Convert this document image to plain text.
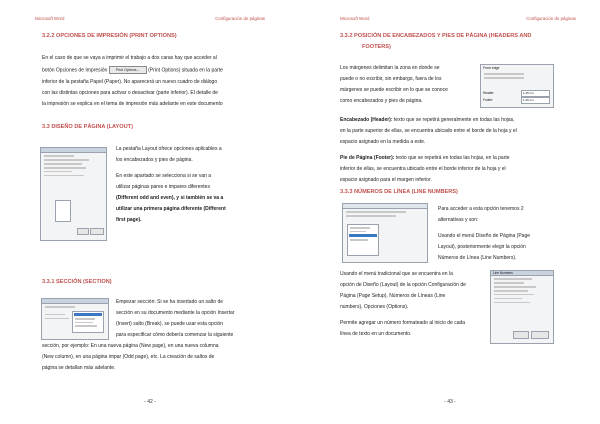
Microsoft Word	Configuración de páginas
3.2.2 OPCIONES DE IMPRESIÓN (PRINT OPTIONS)
En el caso de que se vaya a imprimir el trabajo a dos caras hay que acceder al
botón Opciones de Impresión Print Options... (Print Options) situada en la parte
inferior de la pestaña Papel (Paper). No aparecerá un nuevo cuadro de diálogo
con las distintas opciones para activar o desactivar (parte inferior). El detalle de
la impresión se explica en el tema de impresión más adelante en este documento
3.3 DISEÑO DE PÁGINA (LAYOUT)
La pestaña Layout ofrece opciones aplicables a
los encabezados y pies de página.
En este apartado se selecciona si se van a
utilizar páginas pares e impares diferentes
(Different odd and even), y si también se va a
utilizar una primera página diferente (Different
first page).
3.3.1 SECCIÓN (SECTION)
Empezar sección: Si se ha insertado un salto de
sección en su documento mediante la opción Insertar
(Insert) salto (Break), se puede usar esta opción
para especificar cómo debería comenzar la siguiente
sección, por ejemplo: En una nueva página (New page), en una nueva columna
(New column), en una página impar (Odd page), etc. La creación de saltos de
página se detallan más adelante.
- 42 -
Microsoft Word	Configuración de páginas
3.3.2 POSICIÓN DE ENCABEZADOS Y PIES DE PÁGINA (HEADERS AND
FOOTERS)
Los márgenes delimitan la zona en donde se
puede o no escribir, sin embargo, fuera de los
márgenes se puede escribir en lo que se conoce
como encabezados y pies de página.
From edge
Header:
Footer:
1.25 cm
1.25 cm
Encabezado (Header): texto que se repetirá generalmente en todas las hojas,
en la parte superior de ellas, se encuentra ubicado entre el borde de la hoja y el
espacio asignado en la medida a este.
Pie de Página (Footer): texto que se repetirá en todas las hojas, en la parte
inferior de ellas, se encuentra ubicado entre el borde inferior de la hoja y el
espacio asignado para el margen inferior.
3.3.3 NÚMEROS DE LÍNEA (LINE NUMBERS)
Para acceder a esta opción tenemos 2
alternativas y son:
Usando el menú Diseño de Página (Page
Layout), posteriormente elegir la opción
Números de Línea (Line Numbers).
Usando el menú tradicional que se encuentra en la
opción de Diseño (Layout) de la opción Configuración de
Página (Page Setup), Números de Líneas (Line
numbers), Opciones (Options).
Permite agregar un número formateado al inicio de cada
línea de texto en un documento.
Line Numbers
- 43 -
